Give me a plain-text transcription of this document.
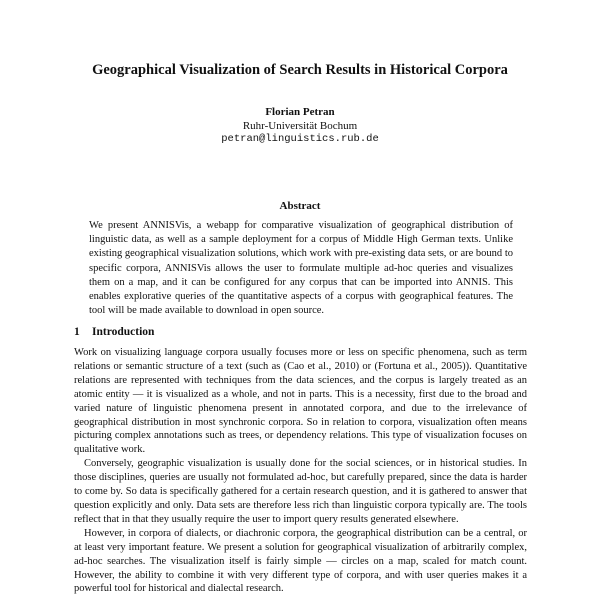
Geographical Visualization of Search Results in Historical Corpora
Florian Petran
Ruhr-Universität Bochum
petran@linguistics.rub.de
Abstract

We present ANNISVis, a webapp for comparative visualization of geographical distribution of linguistic data, as well as a sample deployment for a corpus of Middle High German texts. Unlike existing geographical visualization solutions, which work with pre-existing data sets, or are bound to specific corpora, ANNISVis allows the user to formulate multiple ad-hoc queries and visualizes them on a map, and it can be configured for any corpus that can be imported into ANNIS. This enables explorative queries of the quantitative aspects of a corpus with geographical features. The tool will be made available to download in open source.

1 Introduction

Work on visualizing language corpora usually focuses more or less on specific phenomena, such as term relations or semantic structure of a text (such as (Cao et al., 2010) or (Fortuna et al., 2005)). Quantitative relations are represented with techniques from the data sciences, and the corpus is largely treated as an atomic entity — it is visualized as a whole, and not in parts. This is a necessity, first due to the broad and varied nature of linguistic phenomena present in annotated corpora, and due to the irrelevance of geographical distribution in most synchronic corpora. So in relation to corpora, visualization often means picturing complex annotations such as trees, or dependency relations. This type of visualization focuses on qualitative work.

Conversely, geographic visualization is usually done for the social sciences, or in historical studies. In those disciplines, queries are usually not formulated ad-hoc, but carefully prepared, since the data is harder to come by. So data is specifically gathered for a certain research question, and it is gathered to answer that question explicitly and only. Data sets are therefore less rich than linguistic corpora typically are. The tools reflect that in that they usually require the user to import query results generated elsewhere.

However, in corpora of dialects, or diachronic corpora, the geographical distribution can be a central, or at least very important feature. We present a solution for geographical visualization of arbitrarily complex, ad-hoc searches. The visualization itself is fairly simple — circles on a map, scaled for match count. However, the ability to combine it with very different type of corpora, and with user queries makes it a powerful tool for historical and dialectal research.
